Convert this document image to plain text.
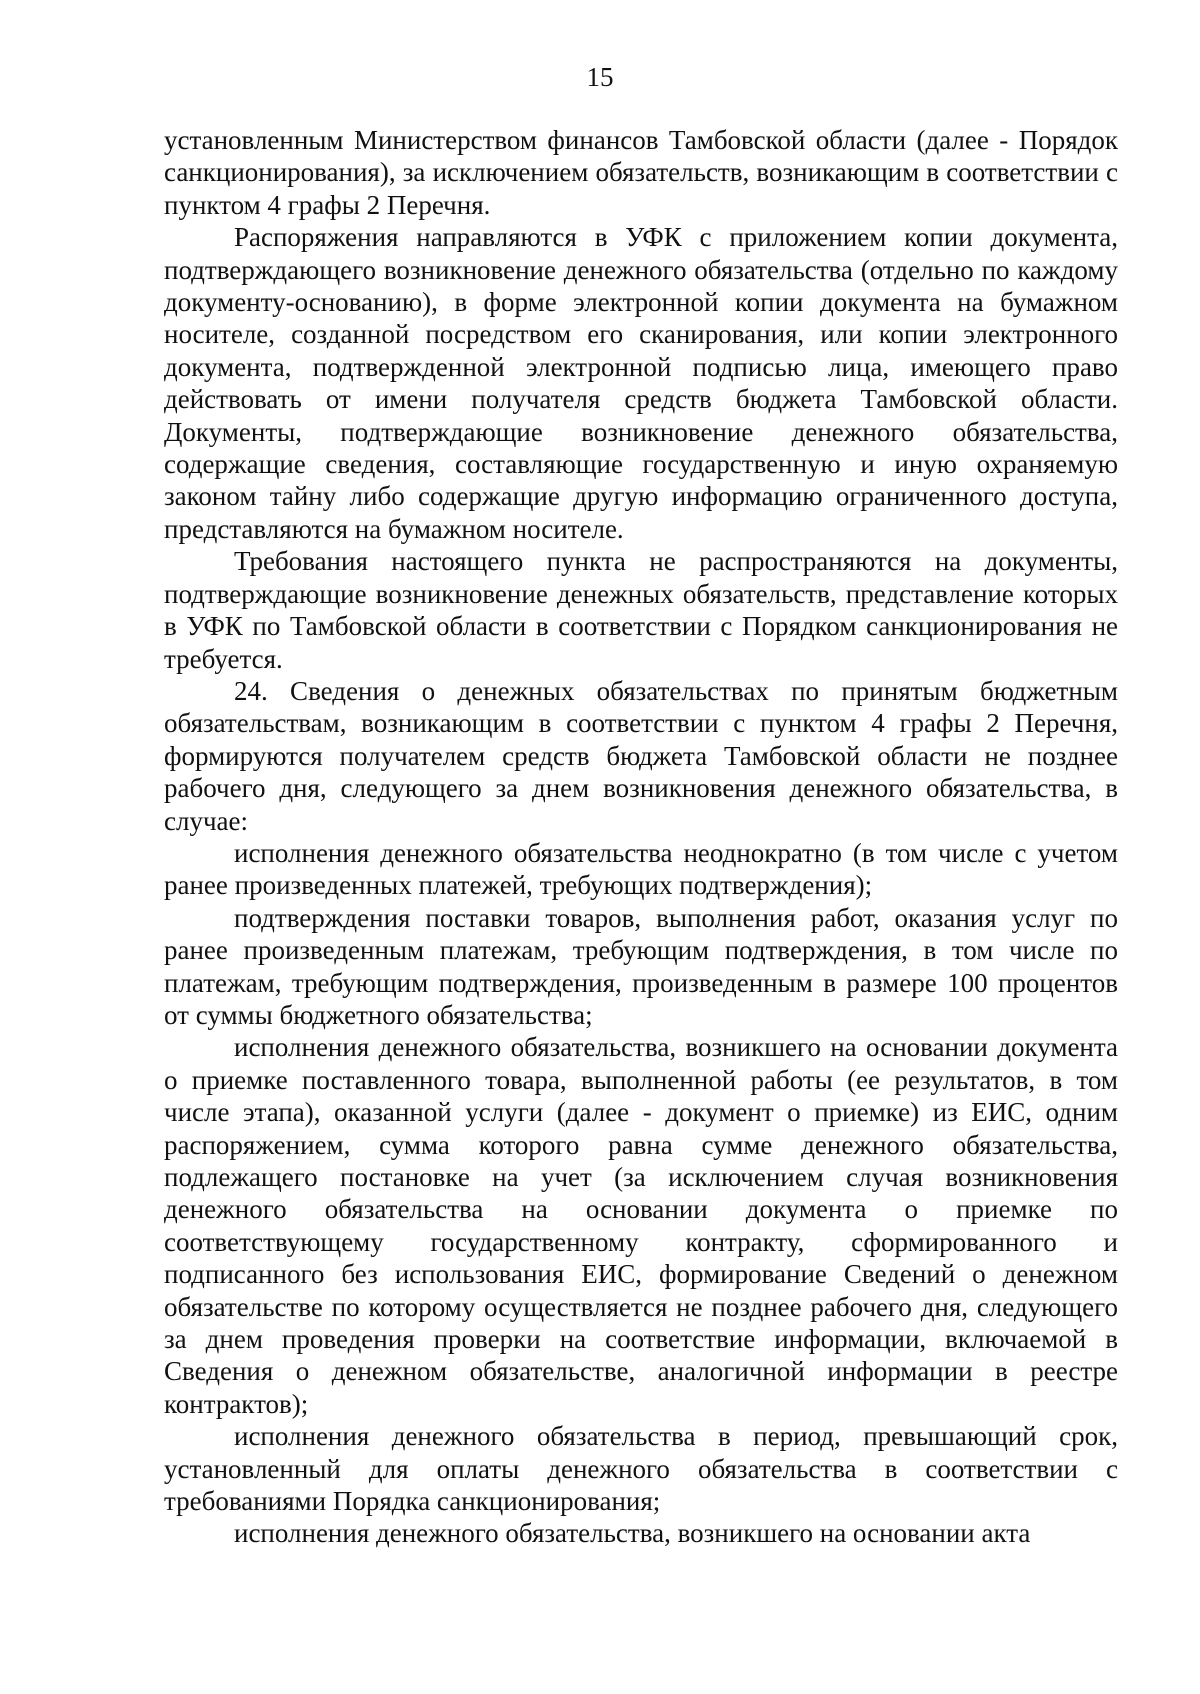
15

установленным Министерством финансов Тамбовской области (далее - Порядок санкционирования), за исключением обязательств, возникающим в соответствии с пунктом 4 графы 2 Перечня.

Распоряжения направляются в УФК с приложением копии документа, подтверждающего возникновение денежного обязательства (отдельно по каждому документу-основанию), в форме электронной копии документа на бумажном носителе, созданной посредством его сканирования, или копии электронного документа, подтвержденной электронной подписью лица, имеющего право действовать от имени получателя средств бюджета Тамбовской области. Документы, подтверждающие возникновение денежного обязательства, содержащие сведения, составляющие государственную и иную охраняемую законом тайну либо содержащие другую информацию ограниченного доступа, представляются на бумажном носителе.

Требования настоящего пункта не распространяются на документы, подтверждающие возникновение денежных обязательств, представление которых в УФК по Тамбовской области в соответствии с Порядком санкционирования не требуется.

24. Сведения о денежных обязательствах по принятым бюджетным обязательствам, возникающим в соответствии с пунктом 4 графы 2 Перечня, формируются получателем средств бюджета Тамбовской области не позднее рабочего дня, следующего за днем возникновения денежного обязательства, в случае:

исполнения денежного обязательства неоднократно (в том числе с учетом ранее произведенных платежей, требующих подтверждения);

подтверждения поставки товаров, выполнения работ, оказания услуг по ранее произведенным платежам, требующим подтверждения, в том числе по платежам, требующим подтверждения, произведенным в размере 100 процентов от суммы бюджетного обязательства;

исполнения денежного обязательства, возникшего на основании документа о приемке поставленного товара, выполненной работы (ее результатов, в том числе этапа), оказанной услуги (далее - документ о приемке) из ЕИС, одним распоряжением, сумма которого равна сумме денежного обязательства, подлежащего постановке на учет (за исключением случая возникновения денежного обязательства на основании документа о приемке по соответствующему государственному контракту, сформированного и подписанного без использования ЕИС, формирование Сведений о денежном обязательстве по которому осуществляется не позднее рабочего дня, следующего за днем проведения проверки на соответствие информации, включаемой в Сведения о денежном обязательстве, аналогичной информации в реестре контрактов);

исполнения денежного обязательства в период, превышающий срок, установленный для оплаты денежного обязательства в соответствии с требованиями Порядка санкционирования;

исполнения денежного обязательства, возникшего на основании акта
